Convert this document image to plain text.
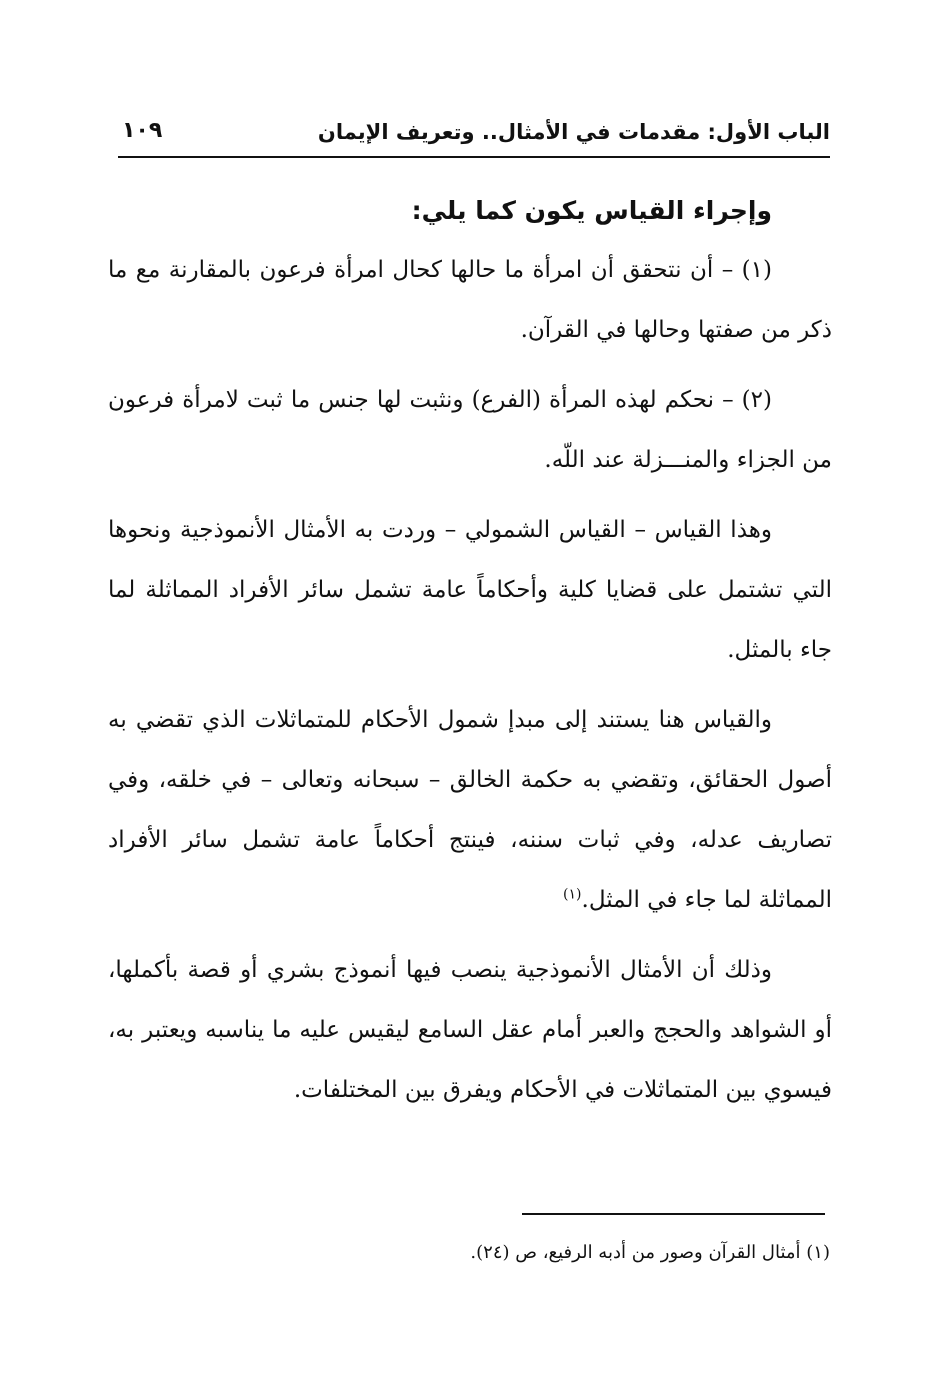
الباب الأول: مقدمات في الأمثال.. وتعريف الإيمان
١٠٩
وإجراء القياس يكون كما يلي:

(١) – أن نتحقق أن امرأة ما حالها كحال امرأة فرعون بالمقارنة مع ما ذكر من صفتها وحالها في القرآن.

(٢) – نحكم لهذه المرأة (الفرع) ونثبت لها جنس ما ثبت لامرأة فرعون من الجزاء والمنـــزلة عند اللّه.

وهذا القياس – القياس الشمولي – وردت به الأمثال الأنموذجية ونحوها التي تشتمل على قضايا كلية وأحكاماً عامة تشمل سائر الأفراد المماثلة لما جاء بالمثل.

والقياس هنا يستند إلى مبدإ شمول الأحكام للمتماثلات الذي تقضي به أصول الحقائق، وتقضي به حكمة الخالق – سبحانه وتعالى – في خلقه، وفي تصاريف عدله، وفي ثبات سننه، فينتج أحكاماً عامة تشمل سائر الأفراد المماثلة لما جاء في المثل.$^{(١)}$

وذلك أن الأمثال الأنموذجية ينصب فيها أنموذج بشري أو قصة بأكملها، أو الشواهد والحجج والعبر أمام عقل السامع ليقيس عليه ما يناسبه ويعتبر به، فيسوي بين المتماثلات في الأحكام ويفرق بين المختلفات.

(١) أمثال القرآن وصور من أدبه الرفيع، ص (٢٤).
